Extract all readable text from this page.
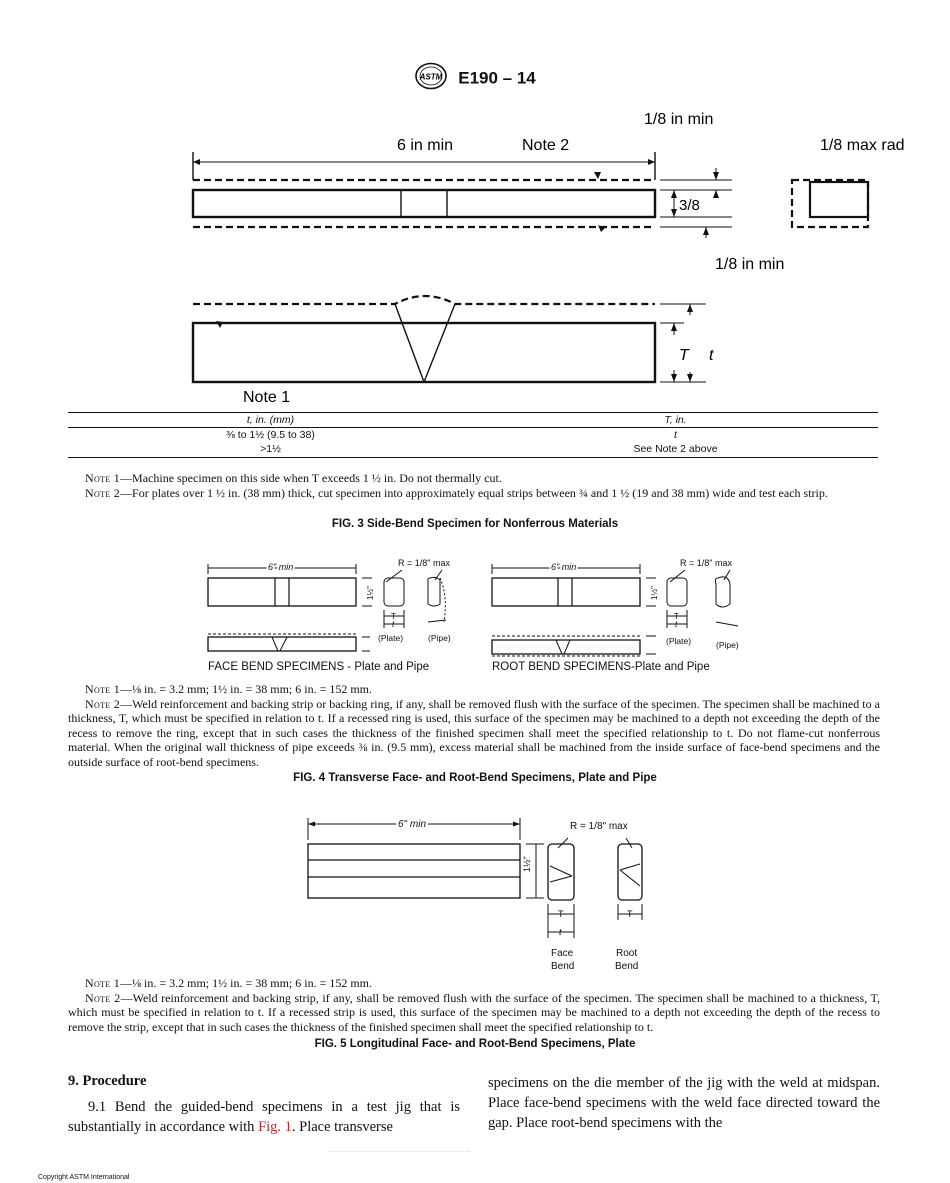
ASTM E190 – 14
1/8 in min
6 in min	Note 2	1/8 max rad
3/8
1/8 in min
T t
Note 1
t, in. (mm)	T, in.
⅜ to 1½ (9.5 to 38)	t
>1½	See Note 2 above
Note 1—Machine specimen on this side when T exceeds 1 ½ in. Do not thermally cut.
Note 2—For plates over 1 ½ in. (38 mm) thick, cut specimen into approximately equal strips between ¾ and 1 ½ (19 and 38 mm) wide and test each strip.
FIG. 3 Side-Bend Specimen for Nonferrous Materials
6" min	6" min
R = 1/8" max	R = 1/8" max
1½"	1½"
T
t
T
t
(Plate)	(Pipe)	(Plate)	(Pipe)
FACE BEND SPECIMENS - Plate and Pipe	ROOT BEND SPECIMENS-Plate and Pipe
Note 1—⅛ in. = 3.2 mm; 1½ in. = 38 mm; 6 in. = 152 mm.
Note 2—Weld reinforcement and backing strip or backing ring, if any, shall be removed flush with the surface of the specimen. The specimen shall be machined to a thickness, T, which must be specified in relation to t. If a recessed ring is used, this surface of the specimen may be machined to a depth not exceeding the depth of the recess to remove the ring, except that in such cases the thickness of the finished specimen shall meet the specified relationship to t. Do not flame-cut nonferrous material. When the original wall thickness of pipe exceeds ⅜ in. (9.5 mm), excess material shall be machined from the inside surface of face-bend specimens and the outside surface of root-bend specimens.
FIG. 4 Transverse Face- and Root-Bend Specimens, Plate and Pipe
6" min	R = 1/8" max
1½"
T
t
T
Face
Bend
Root
Bend
Note 1—⅛ in. = 3.2 mm; 1½ in. = 38 mm; 6 in. = 152 mm.
Note 2—Weld reinforcement and backing strip, if any, shall be removed flush with the surface of the specimen. The specimen shall be machined to a thickness, T, which must be specified in relation to t. If a recessed strip is used, this surface of the specimen may be machined to a depth not exceeding the depth of the recess to remove the strip, except that in such cases the thickness of the finished specimen shall meet the specified relationship to t.
FIG. 5 Longitudinal Face- and Root-Bend Specimens, Plate
9. Procedure
9.1 Bend the guided-bend specimens in a test jig that is substantially in accordance with Fig. 1. Place transverse
specimens on the die member of the jig with the weld at midspan. Place face-bend specimens with the weld face directed toward the gap. Place root-bend specimens with the
Copyright ASTM International
